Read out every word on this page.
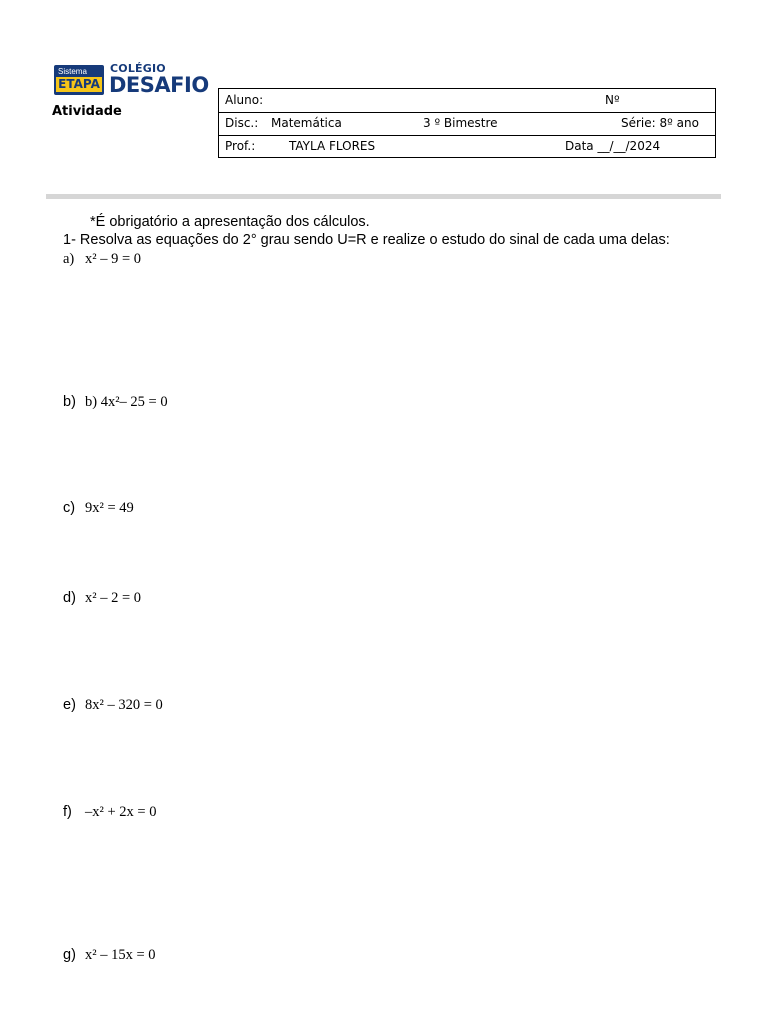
Sistema
ETAPA
COLÉGIO
DESAFIO
Atividade
Aluno:	Nº
Disc.: Matemática	3 º Bimestre	Série: 8º ano
Prof.:	TAYLA FLORES	Data __/__/2024
*É obrigatório a apresentação dos cálculos.
1- Resolva as equações do 2° grau sendo U=R e realize o estudo do sinal de cada uma delas:
a) x² – 9 = 0
b) b) 4x²– 25 = 0
c) 9x² = 49
d) x² – 2 = 0
e) 8x² – 320 = 0
f) –x² + 2x = 0
g) x² – 15x = 0
